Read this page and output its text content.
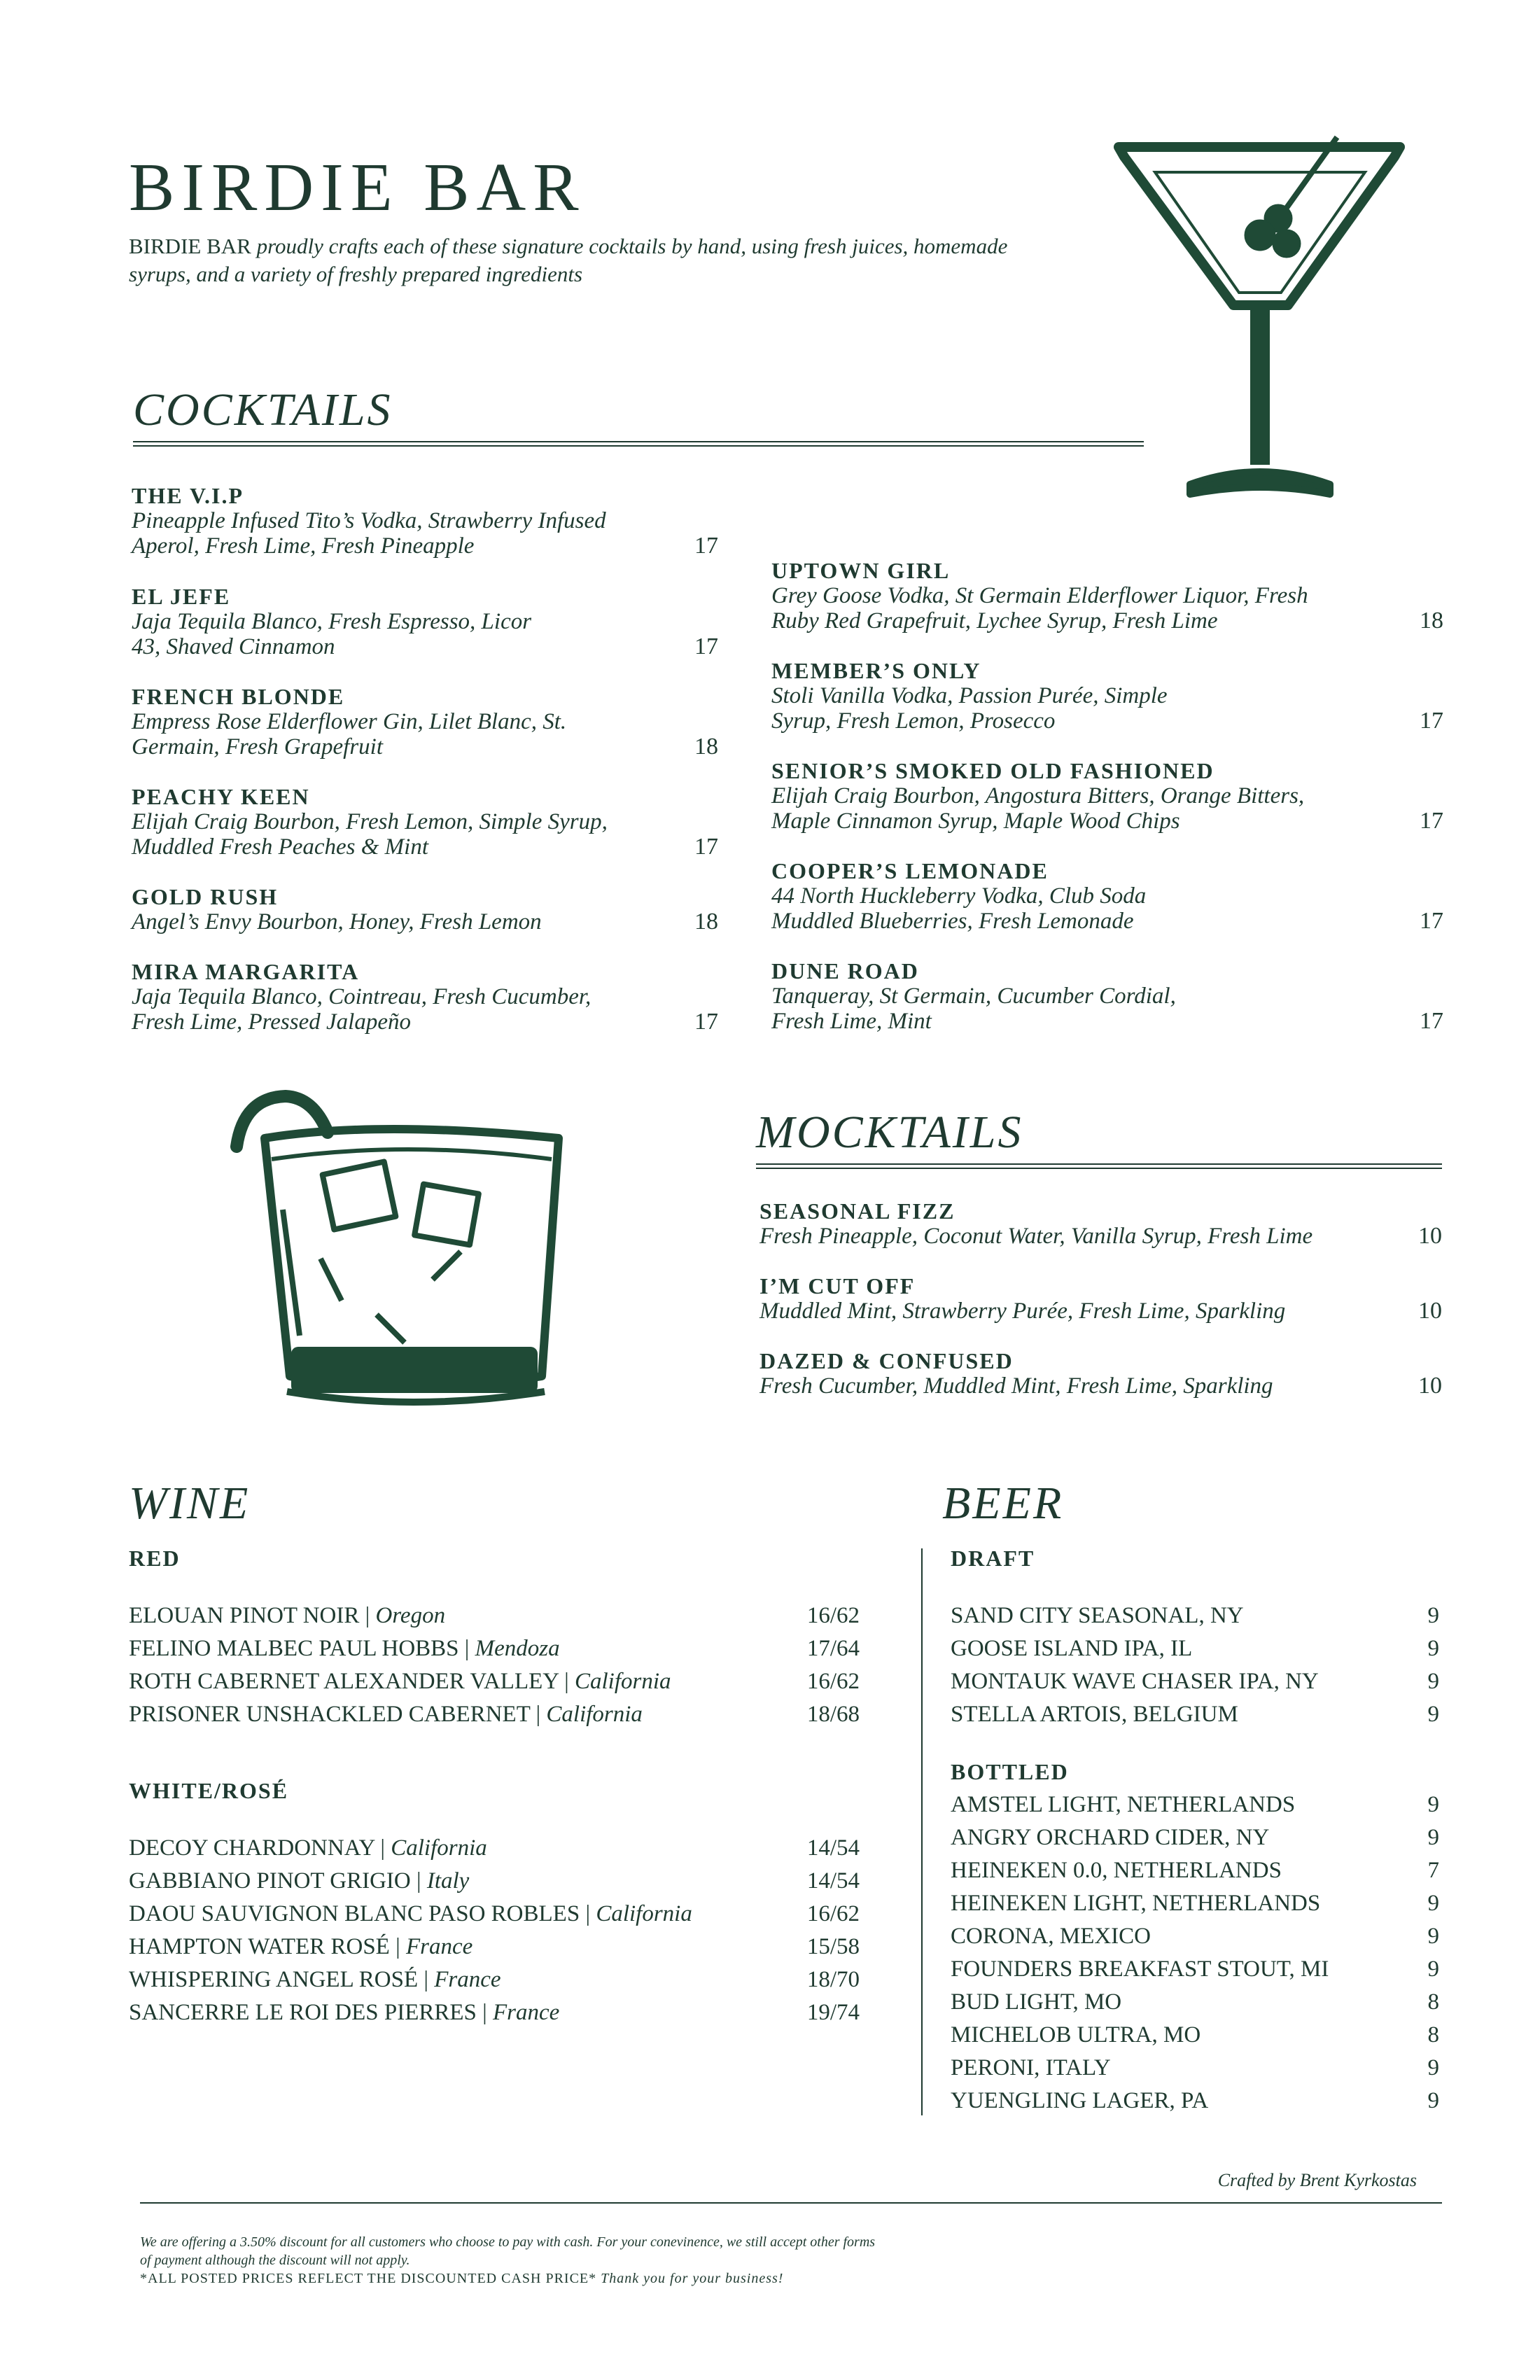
BIRDIE BAR
BIRDIE BAR proudly crafts each of these signature cocktails by hand, using fresh juices, homemade syrups, and a variety of freshly prepared ingredients
COCKTAILS
THE V.I.P
Pineapple Infused Tito’s Vodka, Strawberry Infused Aperol, Fresh Lime, Fresh Pineapple	17
EL JEFE
Jaja Tequila Blanco, Fresh Espresso, Licor 43, Shaved Cinnamon	17
FRENCH BLONDE
Empress Rose Elderflower Gin, Lilet Blanc, St. Germain, Fresh Grapefruit	18
PEACHY KEEN
Elijah Craig Bourbon, Fresh Lemon, Simple Syrup, Muddled Fresh Peaches & Mint	17
GOLD RUSH
Angel’s Envy Bourbon, Honey, Fresh Lemon	18
MIRA MARGARITA
Jaja Tequila Blanco, Cointreau, Fresh Cucumber, Fresh Lime, Pressed Jalapeño	17
UPTOWN GIRL
Grey Goose Vodka, St Germain Elderflower Liquor, Fresh Ruby Red Grapefruit, Lychee Syrup, Fresh Lime	18
MEMBER’S ONLY
Stoli Vanilla Vodka, Passion Purée, Simple Syrup, Fresh Lemon, Prosecco	17
SENIOR’S SMOKED OLD FASHIONED
Elijah Craig Bourbon, Angostura Bitters, Orange Bitters, Maple Cinnamon Syrup, Maple Wood Chips	17
COOPER’S LEMONADE
44 North Huckleberry Vodka, Club Soda Muddled Blueberries, Fresh Lemonade	17
DUNE ROAD
Tanqueray, St Germain, Cucumber Cordial, Fresh Lime, Mint	17
MOCKTAILS
SEASONAL FIZZ
Fresh Pineapple, Coconut Water, Vanilla Syrup, Fresh Lime	10
I’M CUT OFF
Muddled Mint, Strawberry Purée, Fresh Lime, Sparkling	10
DAZED & CONFUSED
Fresh Cucumber, Muddled Mint, Fresh Lime, Sparkling	10
WINE
RED
ELOUAN PINOT NOIR | Oregon	16/62
FELINO MALBEC PAUL HOBBS | Mendoza	17/64
ROTH CABERNET ALEXANDER VALLEY | California	16/62
PRISONER UNSHACKLED CABERNET | California	18/68
WHITE/ROSÉ
DECOY CHARDONNAY | California	14/54
GABBIANO PINOT GRIGIO | Italy	14/54
DAOU SAUVIGNON BLANC PASO ROBLES | California	16/62
HAMPTON WATER ROSÉ | France	15/58
WHISPERING ANGEL ROSÉ | France	18/70
SANCERRE LE ROI DES PIERRES | France	19/74
BEER
DRAFT
SAND CITY SEASONAL, NY	9
GOOSE ISLAND IPA, IL	9
MONTAUK WAVE CHASER IPA, NY	9
STELLA ARTOIS, BELGIUM	9
BOTTLED
AMSTEL LIGHT, NETHERLANDS	9
ANGRY ORCHARD CIDER, NY	9
HEINEKEN 0.0, NETHERLANDS	7
HEINEKEN LIGHT, NETHERLANDS	9
CORONA, MEXICO	9
FOUNDERS BREAKFAST STOUT, MI	9
BUD LIGHT, MO	8
MICHELOB ULTRA, MO	8
PERONI, ITALY	9
YUENGLING LAGER, PA	9
Crafted by Brent Kyrkostas
We are offering a 3.50% discount for all customers who choose to pay with cash. For your conevinence, we still accept other forms of payment although the discount will not apply.
*ALL POSTED PRICES REFLECT THE DISCOUNTED CASH PRICE* Thank you for your business!
